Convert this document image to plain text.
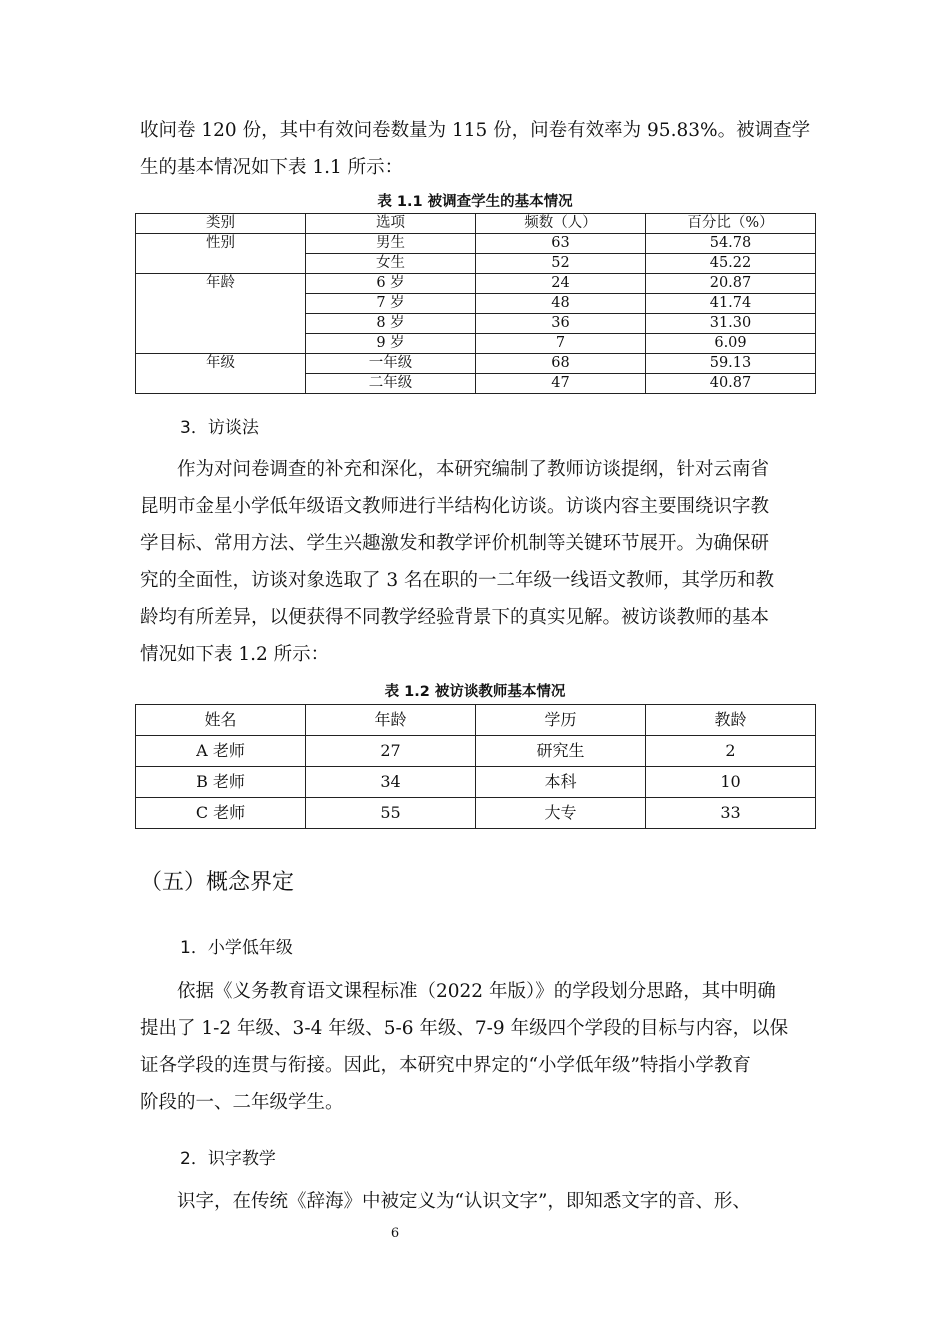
收问卷 120 份，其中有效问卷数量为 115 份，问卷有效率为 95.83%。被调查学
生的基本情况如下表 1.1 所示：
表 1.1 被调查学生的基本情况
类别	选项	频数（人）	百分比（%）
性别	男生	63	54.78
	女生	52	45.22
年龄	6 岁	24	20.87
	7 岁	48	41.74
	8 岁	36	31.30
	9 岁	7	6.09
年级	一年级	68	59.13
	二年级	47	40.87
3．访谈法
作为对问卷调查的补充和深化，本研究编制了教师访谈提纲，针对云南省
昆明市金星小学低年级语文教师进行半结构化访谈。访谈内容主要围绕识字教
学目标、常用方法、学生兴趣激发和教学评价机制等关键环节展开。为确保研
究的全面性，访谈对象选取了 3 名在职的一二年级一线语文教师，其学历和教
龄均有所差异，以便获得不同教学经验背景下的真实见解。被访谈教师的基本
情况如下表 1.2 所示：
表 1.2 被访谈教师基本情况
姓名	年龄	学历	教龄
A 老师	27	研究生	2
B 老师	34	本科	10
C 老师	55	大专	33
（五）概念界定
1．小学低年级
依据《义务教育语文课程标准（2022 年版）》的学段划分思路，其中明确
提出了 1-2 年级、3-4 年级、5-6 年级、7-9 年级四个学段的目标与内容，以保
证各学段的连贯与衔接。因此，本研究中界定的“小学低年级”特指小学教育
阶段的一、二年级学生。
2．识字教学
识字，在传统《辞海》中被定义为“认识文字”，即知悉文字的音、形、
6
